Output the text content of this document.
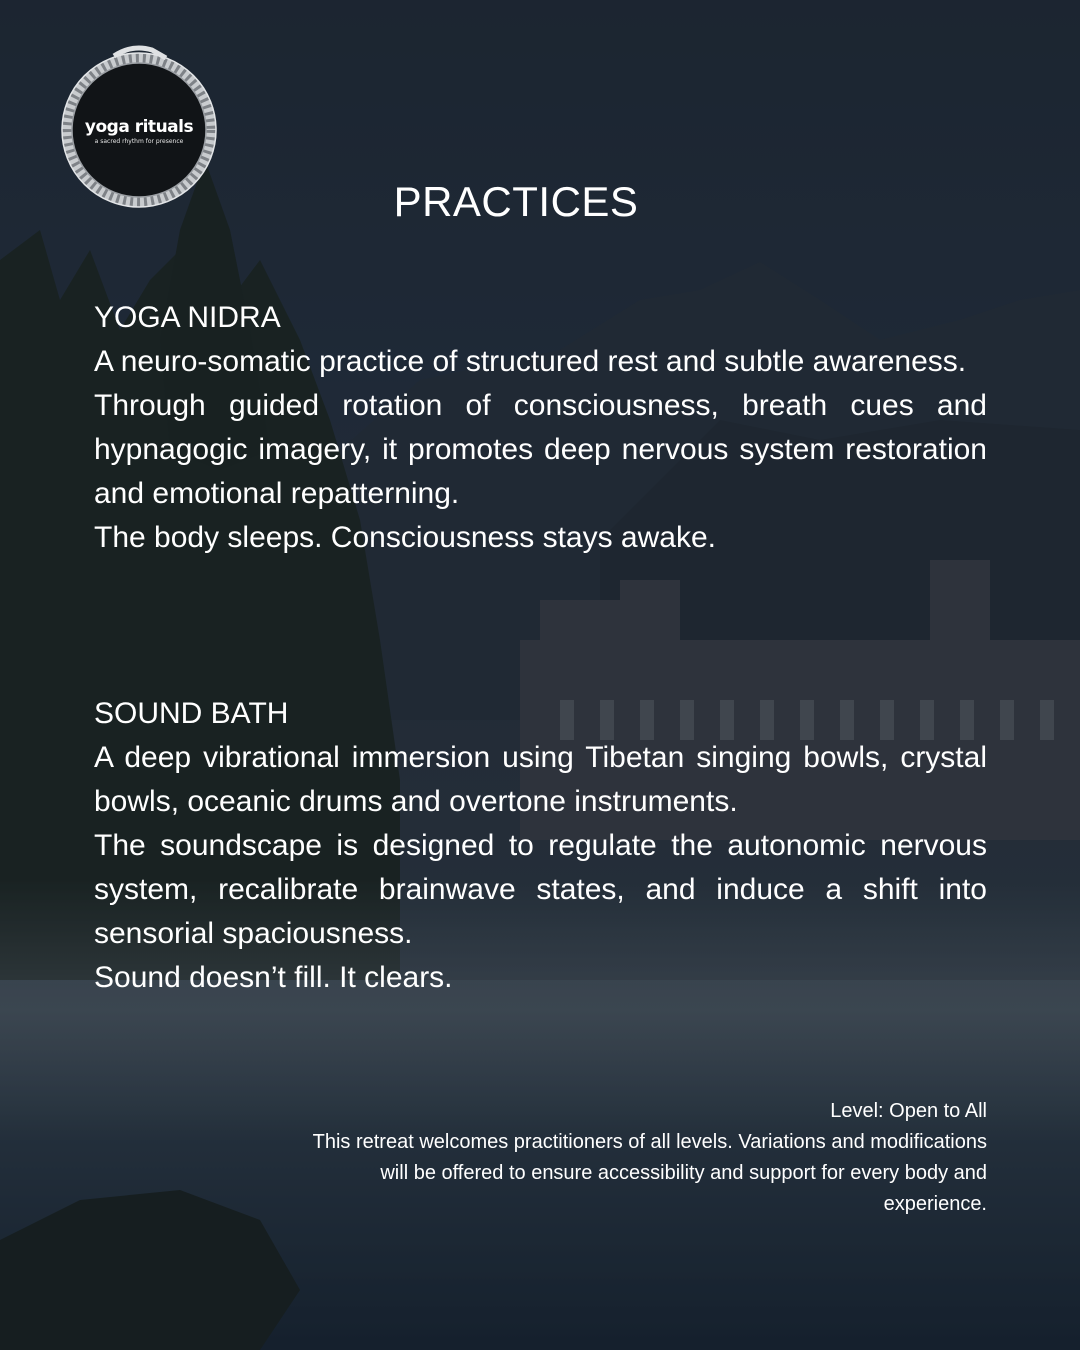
yoga rituals
a sacred rhythm for presence
PRACTICES
YOGA NIDRA

A neuro-somatic practice of structured rest and subtle awareness.

Through guided rotation of consciousness, breath cues and hypnagogic imagery, it promotes deep nervous system restoration and emotional repatterning.

The body sleeps. Consciousness stays awake.

SOUND BATH

A deep vibrational immersion using Tibetan singing bowls, crystal bowls, oceanic drums and overtone instruments.

The soundscape is designed to regulate the autonomic nervous system, recalibrate brainwave states, and induce a shift into sensorial spaciousness.

Sound doesn’t fill. It clears.

Level: Open to All

This retreat welcomes practitioners of all levels. Variations and modifications will be offered to ensure accessibility and support for every body and experience.
